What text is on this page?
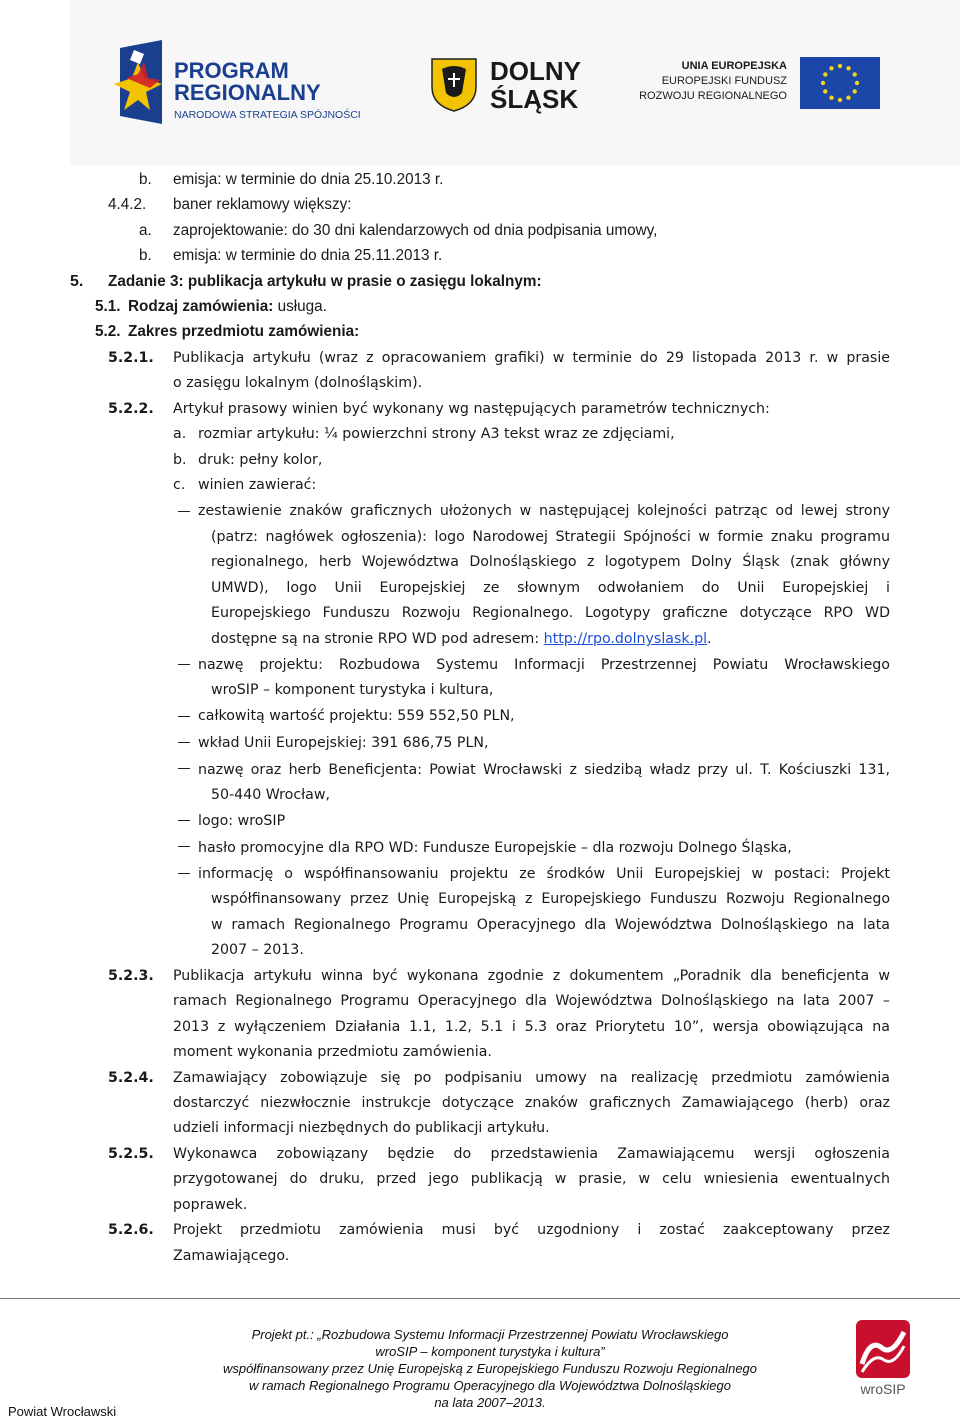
PROGRAM
REGIONALNY
NARODOWA STRATEGIA SPÓJNOŚCI
DOLNY
ŚLĄSK
UNIA EUROPEJSKA
EUROPEJSKI FUNDUSZ
ROZWOJU REGIONALNEGO
b. emisja: w terminie do dnia 25.10.2013 r.
4.4.2. baner reklamowy większy:
a. zaprojektowanie: do 30 dni kalendarzowych od dnia podpisania umowy,
b. emisja: w terminie do dnia 25.11.2013 r.
5. Zadanie 3: publikacja artykułu w prasie o zasięgu lokalnym:
5.1. Rodzaj zamówienia: usługa.
5.2. Zakres przedmiotu zamówienia:
5.2.1. Publikacja artykułu (wraz z opracowaniem grafiki) w terminie do 29 listopada 2013 r. w prasie
o zasięgu lokalnym (dolnośląskim).
5.2.2. Artykuł prasowy winien być wykonany wg następujących parametrów technicznych:
a. rozmiar artykułu: ¼ powierzchni strony A3 tekst wraz ze zdjęciami,
b. druk: pełny kolor,
c. winien zawierać:
zestawienie znaków graficznych ułożonych w następującej kolejności patrząc od lewej strony
(patrz: nagłówek ogłoszenia): logo Narodowej Strategii Spójności w formie znaku programu
regionalnego, herb Województwa Dolnośląskiego z logotypem Dolny Śląsk (znak główny
UMWD), logo Unii Europejskiej ze słownym odwołaniem do Unii Europejskiej i
Europejskiego Funduszu Rozwoju Regionalnego. Logotypy graficzne dotyczące RPO WD
dostępne są na stronie RPO WD pod adresem: http://rpo.dolnyslask.pl.
nazwę projektu: Rozbudowa Systemu Informacji Przestrzennej Powiatu Wrocławskiego
wroSIP – komponent turystyka i kultura,
całkowitą wartość projektu: 559 552,50 PLN,
wkład Unii Europejskiej: 391 686,75 PLN,
nazwę oraz herb Beneficjenta: Powiat Wrocławski z siedzibą władz przy ul. T. Kościuszki 131,
50-440 Wrocław,
logo: wroSIP
hasło promocyjne dla RPO WD: Fundusze Europejskie – dla rozwoju Dolnego Śląska,
informację o współfinansowaniu projektu ze środków Unii Europejskiej w postaci: Projekt
współfinansowany przez Unię Europejską z Europejskiego Funduszu Rozwoju Regionalnego
w ramach Regionalnego Programu Operacyjnego dla Województwa Dolnośląskiego na lata
2007 – 2013.
5.2.3. Publikacja artykułu winna być wykonana zgodnie z dokumentem „Poradnik dla beneficjenta w
ramach Regionalnego Programu Operacyjnego dla Województwa Dolnośląskiego na lata 2007 –
2013 z wyłączeniem Działania 1.1, 1.2, 5.1 i 5.3 oraz Priorytetu 10”, wersja obowiązująca na
moment wykonania przedmiotu zamówienia.
5.2.4. Zamawiający zobowiązuje się po podpisaniu umowy na realizację przedmiotu zamówienia
dostarczyć niezwłocznie instrukcje dotyczące znaków graficznych Zamawiającego (herb) oraz
udzieli informacji niezbędnych do publikacji artykułu.
5.2.5. Wykonawca zobowiązany będzie do przedstawienia Zamawiającemu wersji ogłoszenia
przygotowanej do druku, przed jego publikacją w prasie, w celu wniesienia ewentualnych
poprawek.
5.2.6. Projekt przedmiotu zamówienia musi być uzgodniony i zostać zaakceptowany przez
Zamawiającego.
Powiat Wrocławski
Projekt pt.: „Rozbudowa Systemu Informacji Przestrzennej Powiatu Wrocławskiego
wroSIP – komponent turystyka i kultura”
współfinansowany przez Unię Europejską z Europejskiego Funduszu Rozwoju Regionalnego
w ramach Regionalnego Programu Operacyjnego dla Województwa Dolnośląskiego
na lata 2007–2013.
wroSIP
